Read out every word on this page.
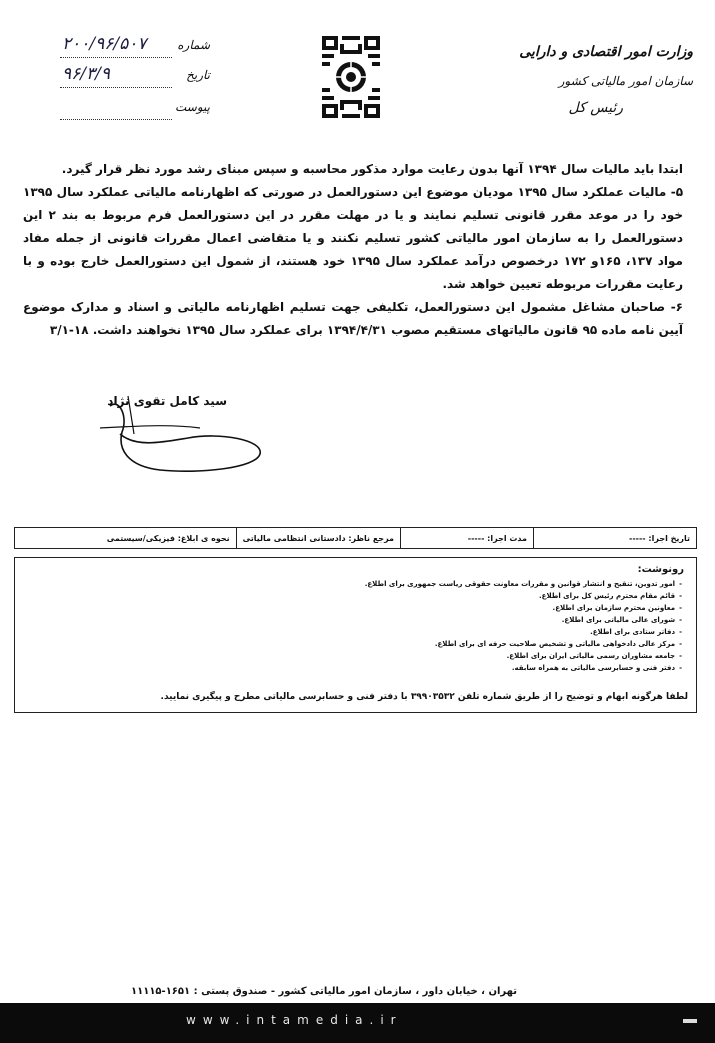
وزارت امور اقتصادی و دارایی
سازمان امور مالیاتی کشور
رئیس کل
شماره
۲۰۰/۹۶/۵۰۷
تاریخ
۹۶/۳/۹
پیوست

ابتدا باید مالیات سال ۱۳۹۴ آنها بدون رعایت موارد مذکور محاسبه و سپس مبنای رشد مورد نظر قرار گیرد.

۵- مالیات عملکرد سال ۱۳۹۵ مودیان موضوع این دستورالعمل در صورتی که اظهارنامه مالیاتی عملکرد سال ۱۳۹۵ خود را در موعد مقرر قانونی تسلیم نمایند و یا در مهلت مقرر در این دستورالعمل فرم مربوط به بند ۲ این دستورالعمل را به سازمان امور مالیاتی کشور تسلیم نکنند و یا متقاضی اعمال مقررات قانونی از جمله مفاد مواد ۱۳۷، ۱۶۵و ۱۷۲ درخصوص درآمد عملکرد سال ۱۳۹۵ خود هستند، از شمول این دستورالعمل خارج بوده و با رعایت مقررات مربوطه تعیین خواهد شد.

۶- صاحبان مشاغل مشمول این دستورالعمل، تکلیفی جهت تسلیم اظهارنامه مالیاتی و اسناد و مدارک موضوع آیین نامه ماده ۹۵ قانون مالیاتهای مستقیم مصوب ۱۳۹۴/۴/۳۱ برای عملکرد سال ۱۳۹۵ نخواهند داشت. ۱۸-۳/۱

سید کامل تقوی نژاد
تاریخ اجرا: -----	مدت اجرا: -----	مرجع ناظر: دادستانی انتظامی مالیاتی	نحوه ی ابلاغ: فیزیکی/سیستمی
رونوشت:
- امور تدوین، تنقیح و انتشار قوانین و مقررات معاونت حقوقی ریاست جمهوری برای اطلاع.
- قائم مقام محترم رئیس کل برای اطلاع.
- معاونین محترم سازمان برای اطلاع.
- شورای عالی مالیاتی برای اطلاع.
- دفاتر ستادی برای اطلاع.
- مرکز عالی دادخواهی مالیاتی و تشخیص صلاحیت حرفه ای برای اطلاع.
- جامعه مشاوران رسمی مالیاتی ایران برای اطلاع.
- دفتر فنی و حسابرسی مالیاتی به همراه سابقه.
لطفا هرگونه ابهام و توضیح را از طریق شماره تلفن ۳۹۹۰۳۵۳۲ با دفتر فنی و حسابرسی مالیاتی مطرح و پیگیری نمایید.
تهران ، خیابان داور ، سازمان امور مالیاتی کشور - صندوق پستی : ۱۶۵۱-۱۱۱۱۵
www.intamedia.ir
